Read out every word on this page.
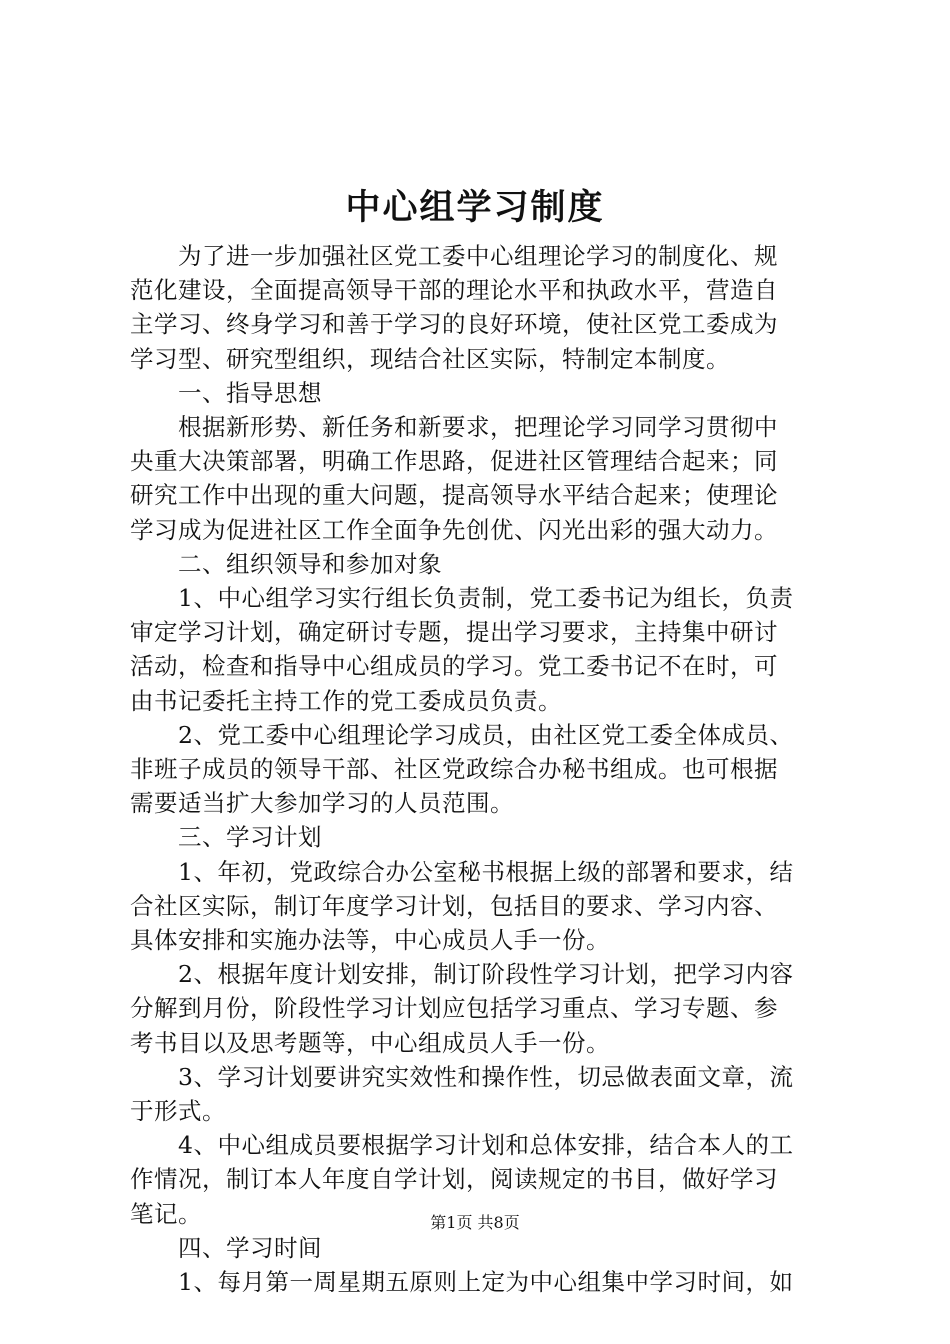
中心组学习制度

为了进一步加强社区党工委中心组理论学习的制度化、规
范化建设，全面提高领导干部的理论水平和执政水平，营造自
主学习、终身学习和善于学习的良好环境，使社区党工委成为
学习型、研究型组织，现结合社区实际，特制定本制度。

一、指导思想

根据新形势、新任务和新要求，把理论学习同学习贯彻中
央重大决策部署，明确工作思路，促进社区管理结合起来；同
研究工作中出现的重大问题，提高领导水平结合起来；使理论
学习成为促进社区工作全面争先创优、闪光出彩的强大动力。

二、组织领导和参加对象

1、中心组学习实行组长负责制，党工委书记为组长，负责
审定学习计划，确定研讨专题，提出学习要求，主持集中研讨
活动，检查和指导中心组成员的学习。党工委书记不在时，可
由书记委托主持工作的党工委成员负责。

2、党工委中心组理论学习成员，由社区党工委全体成员、
非班子成员的领导干部、社区党政综合办秘书组成。也可根据
需要适当扩大参加学习的人员范围。

三、学习计划

1、年初，党政综合办公室秘书根据上级的部署和要求，结
合社区实际，制订年度学习计划，包括目的要求、学习内容、
具体安排和实施办法等，中心成员人手一份。

2、根据年度计划安排，制订阶段性学习计划，把学习内容
分解到月份，阶段性学习计划应包括学习重点、学习专题、参
考书目以及思考题等，中心组成员人手一份。

3、学习计划要讲究实效性和操作性，切忌做表面文章，流
于形式。

4、中心组成员要根据学习计划和总体安排，结合本人的工
作情况，制订本人年度自学计划，阅读规定的书目，做好学习
笔记。

四、学习时间

1、每月第一周星期五原则上定为中心组集中学习时间，如

第1页 共8页
